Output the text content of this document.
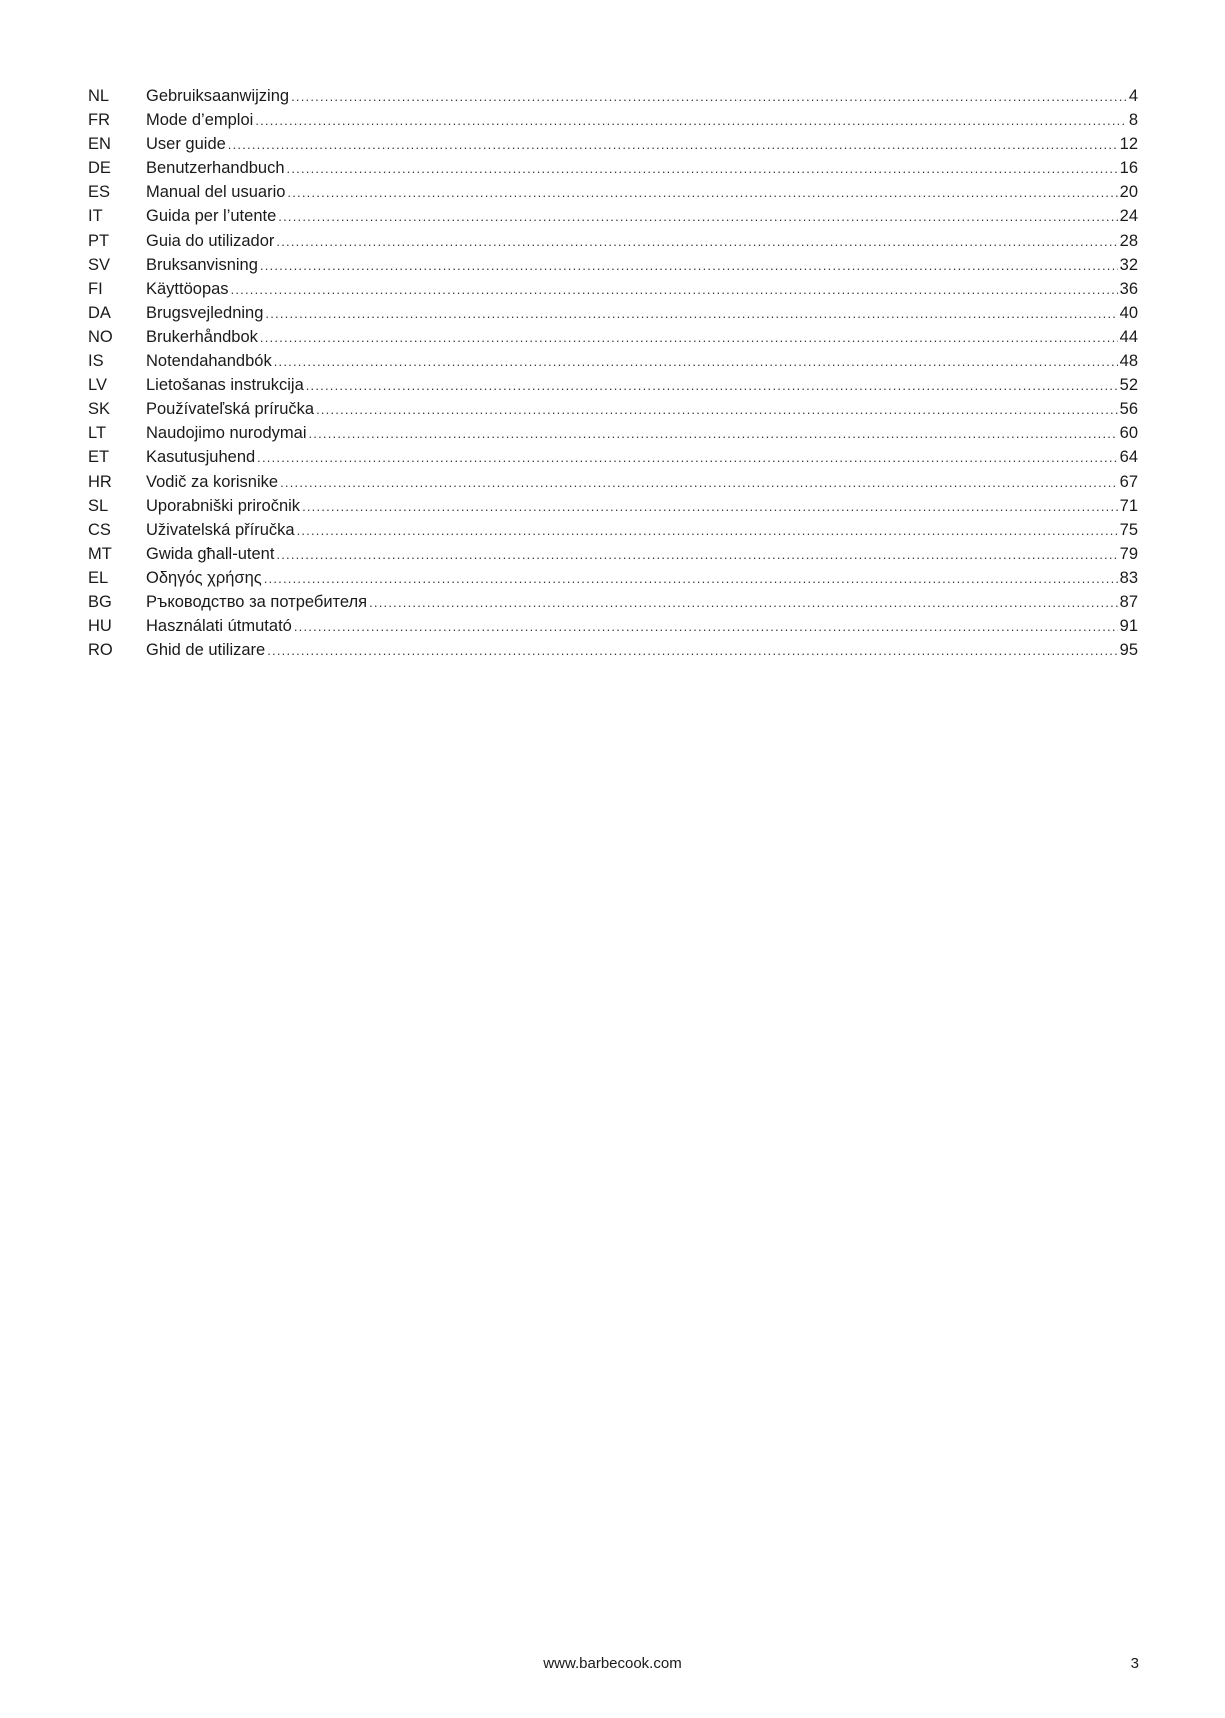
NL	Gebruiksaanwijzing .....	4
FR	Mode d’emploi .....	8
EN	User guide .....	12
DE	Benutzerhandbuch .....	16
ES	Manual del usuario .....	20
IT	Guida per l’utente .....	24
PT	Guia do utilizador .....	28
SV	Bruksanvisning .....	32
FI	Käyttöopas .....	36
DA	Brugsvejledning .....	40
NO	Brukerhåndbok .....	44
IS	Notendahandbók .....	48
LV	Lietošanas instrukcija .....	52
SK	Používateľská príručka .....	56
LT	Naudojimo nurodymai .....	60
ET	Kasutusjuhend .....	64
HR	Vodič za korisnike .....	67
SL	Uporabniški priročnik .....	71
CS	Uživatelská příručka .....	75
MT	Gwida għall-utent .....	79
EL	Οδηγός χρήσης .....	83
BG	Ръководство за потребителя .....	87
HU	Használati útmutató .....	91
RO	Ghid de utilizare .....	95
www.barbecook.com	3
